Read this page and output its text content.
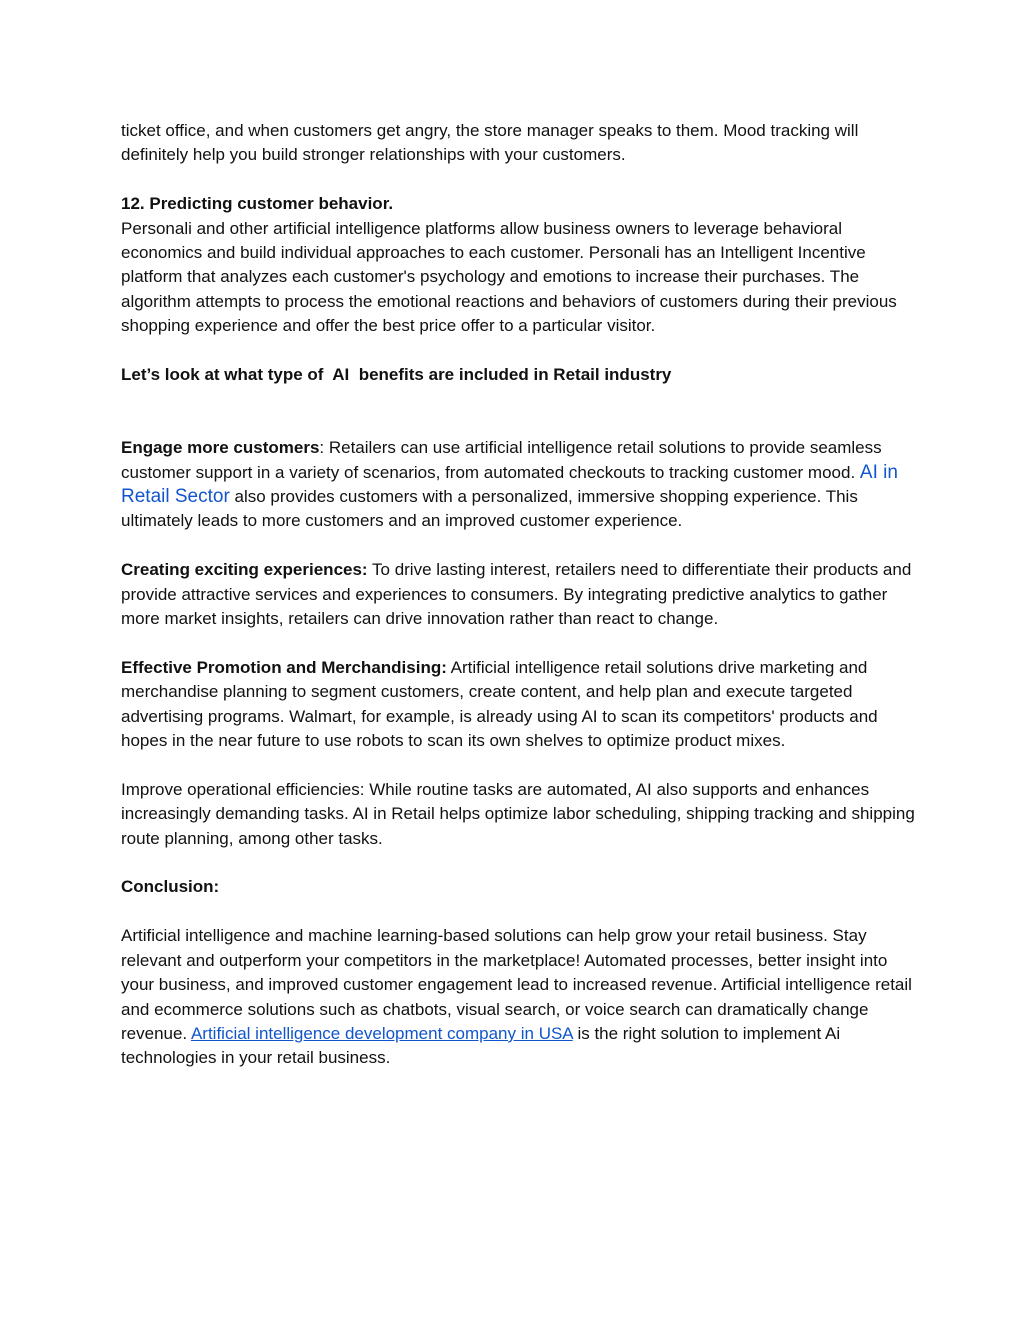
ticket office, and when customers get angry, the store manager speaks to them. Mood tracking will definitely help you build stronger relationships with your customers.

12. Predicting customer behavior.
Personali and other artificial intelligence platforms allow business owners to leverage behavioral economics and build individual approaches to each customer. Personali has an Intelligent Incentive platform that analyzes each customer's psychology and emotions to increase their purchases. The algorithm attempts to process the emotional reactions and behaviors of customers during their previous shopping experience and offer the best price offer to a particular visitor.

Let’s look at what type of  AI  benefits are included in Retail industry

Engage more customers: Retailers can use artificial intelligence retail solutions to provide seamless customer support in a variety of scenarios, from automated checkouts to tracking customer mood. AI in Retail Sector also provides customers with a personalized, immersive shopping experience. This ultimately leads to more customers and an improved customer experience.

Creating exciting experiences: To drive lasting interest, retailers need to differentiate their products and provide attractive services and experiences to consumers. By integrating predictive analytics to gather more market insights, retailers can drive innovation rather than react to change.

Effective Promotion and Merchandising: Artificial intelligence retail solutions drive marketing and merchandise planning to segment customers, create content, and help plan and execute targeted advertising programs. Walmart, for example, is already using AI to scan its competitors' products and hopes in the near future to use robots to scan its own shelves to optimize product mixes.

Improve operational efficiencies: While routine tasks are automated, AI also supports and enhances increasingly demanding tasks. AI in Retail helps optimize labor scheduling, shipping tracking and shipping route planning, among other tasks.

Conclusion:

Artificial intelligence and machine learning-based solutions can help grow your retail business. Stay relevant and outperform your competitors in the marketplace! Automated processes, better insight into your business, and improved customer engagement lead to increased revenue. Artificial intelligence retail and ecommerce solutions such as chatbots, visual search, or voice search can dramatically change revenue. Artificial intelligence development company in USA is the right solution to implement Ai technologies in your retail business.
